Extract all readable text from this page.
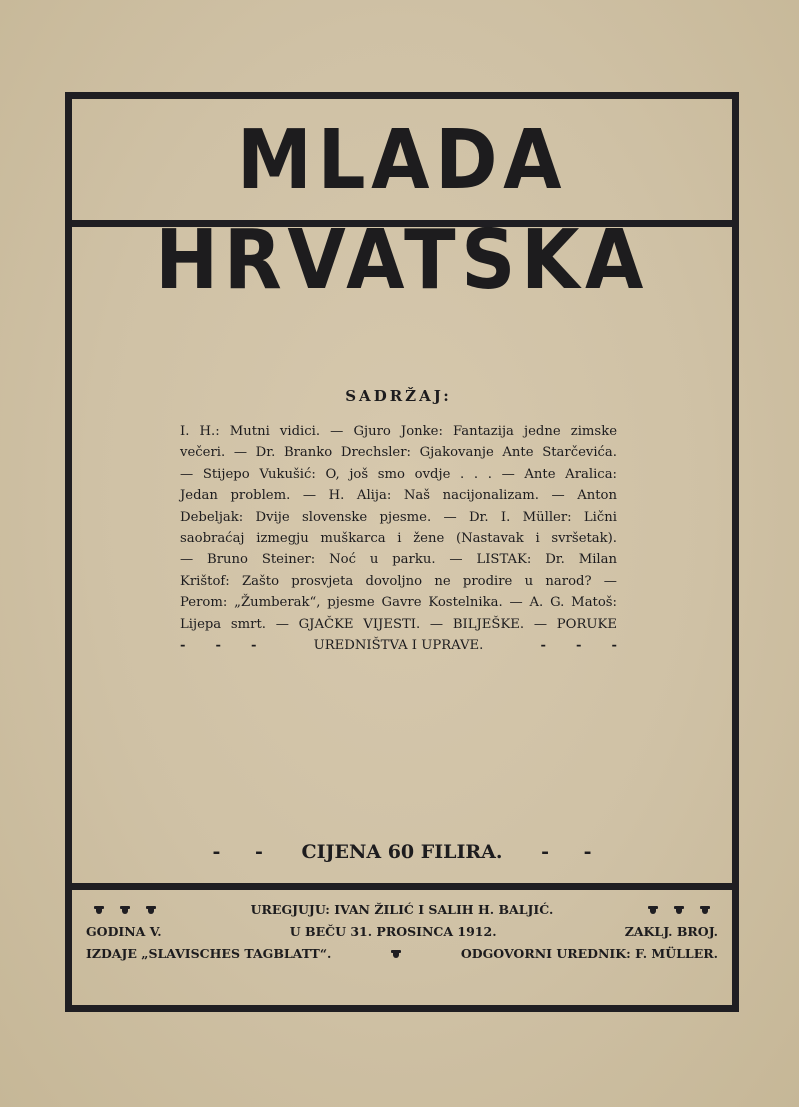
MLADA HRVATSKA
SADRŽAJ:
I. H.: Mutni vidici. — Gjuro Jonke: Fantazija jedne zimske
večeri. — Dr. Branko Drechsler: Gjakovanje Ante Starčevića.
— Stijepo Vukušić: O, još smo ovdje . . . — Ante Aralica:
Jedan problem. — H. Alija: Naš nacijonalizam. — Anton
Debeljak: Dvije slovenske pjesme. — Dr. I. Müller: Lični
saobraćaj izmegju muškarca i žene (Nastavak i svršetak).
— Bruno Steiner: Noć u parku. — LISTAK: Dr. Milan
Krištof: Zašto prosvjeta dovoljno ne prodire u narod? —
Perom: „Žumberak“, pjesme Gavre Kostelnika. — A. G. Matoš:
Lijepa smrt. — GJAČKE VIJESTI. — BILJEŠKE. — PORUKE
- - -	UREDNIŠTVA I UPRAVE.	- - -
- - CIJENA 60 FILIRA. - -
UREGJUJU: IVAN ŽILIĆ I SALIH H. BALJIĆ.
GODINA V.	U BEČU 31. PROSINCA 1912.	ZAKLJ. BROJ.
IZDAJE „SLAVISCHES TAGBLATT“.	ODGOVORNI UREDNIK: F. MÜLLER.
